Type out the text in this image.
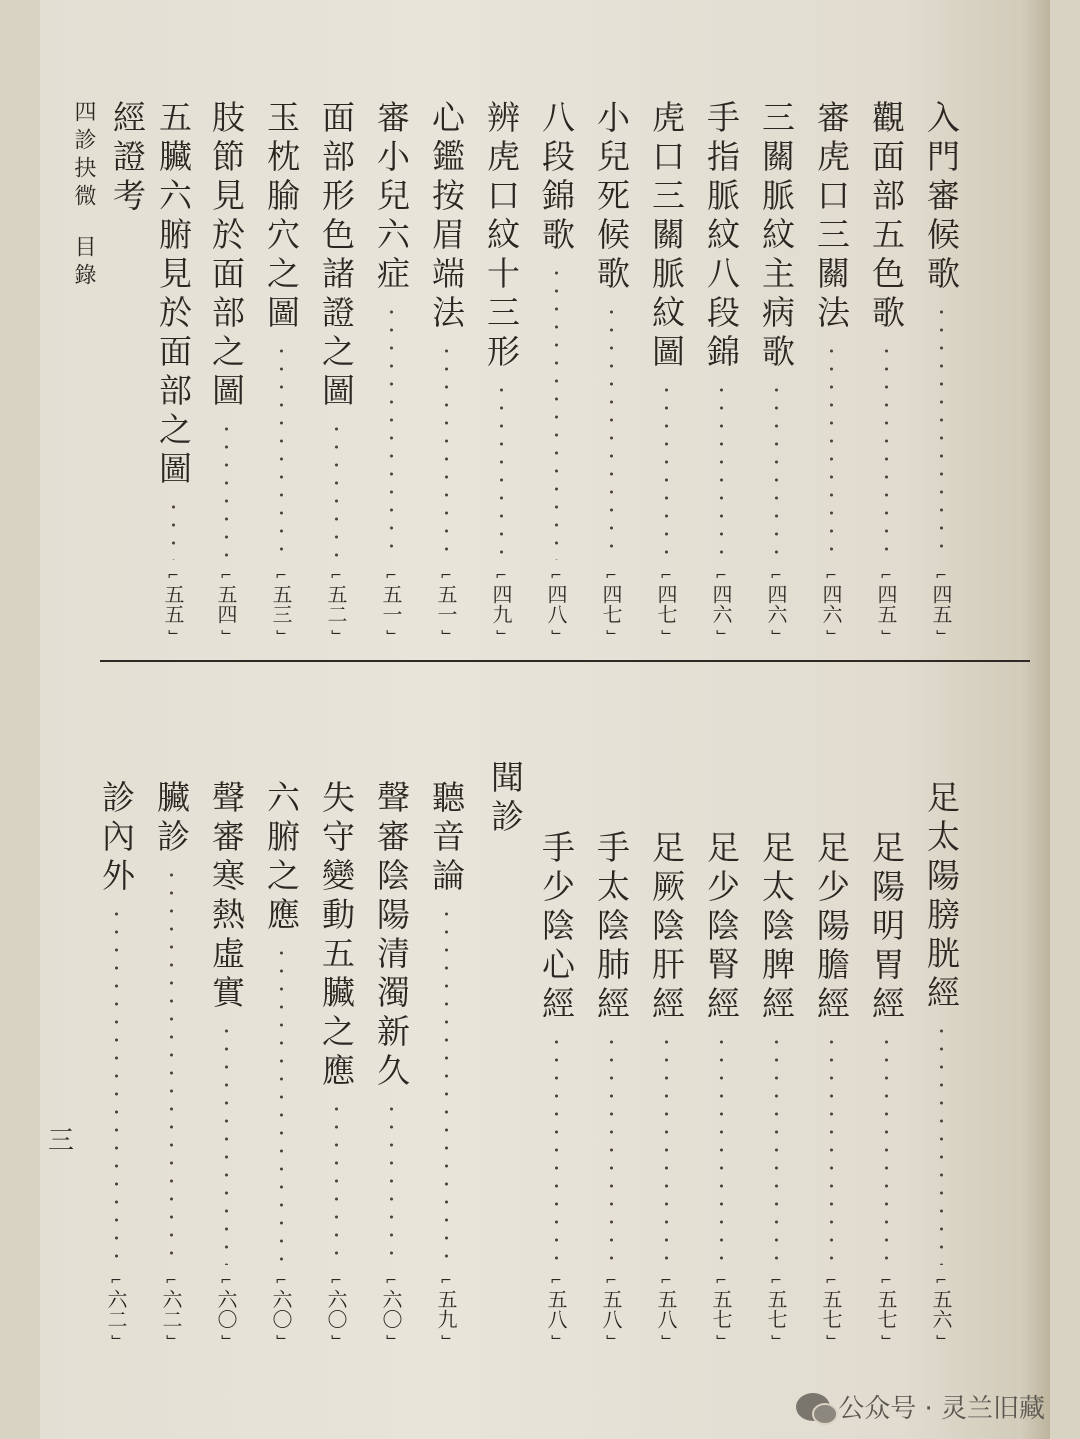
四診抉微
目錄	入門審候歌
⌐ 四五 ⌙
觀面部五色歌
⌐ 四五 ⌙
審虎口三關法
⌐ 四六 ⌙
三關脈紋主病歌
⌐ 四六 ⌙
手指脈紋八段錦
⌐ 四六 ⌙
虎口三關脈紋圖
⌐ 四七 ⌙
小兒死候歌
⌐ 四七 ⌙
八段錦歌
⌐ 四八 ⌙
辨虎口紋十三形
⌐ 四九 ⌙
心鑑按眉端法
⌐ 五一 ⌙
審小兒六症
⌐ 五一 ⌙
面部形色諸證之圖
⌐ 五二 ⌙
玉枕腧穴之圖
⌐ 五三 ⌙
肢節見於面部之圖
⌐ 五四 ⌙
五臟六腑見於面部之圖
⌐ 五五 ⌙
經證考
足太陽膀胱經
⌐ 五六 ⌙
足陽明胃經
⌐ 五七 ⌙
足少陽膽經
⌐ 五七 ⌙
足太陰脾經
⌐ 五七 ⌙
足少陰腎經
⌐ 五七 ⌙
足厥陰肝經
⌐ 五八 ⌙
手太陰肺經
⌐ 五八 ⌙
手少陰心經
⌐ 五八 ⌙
聞診
聽音論
⌐ 五九 ⌙
聲審陰陽清濁新久
⌐ 六〇 ⌙
失守變動五臟之應
⌐ 六〇 ⌙
六腑之應
⌐ 六〇 ⌙
聲審寒熱虛實
⌐ 六〇 ⌙
臟診
⌐ 六二 ⌙
診內外
⌐ 六二 ⌙
三
公众号 · 灵兰旧藏
